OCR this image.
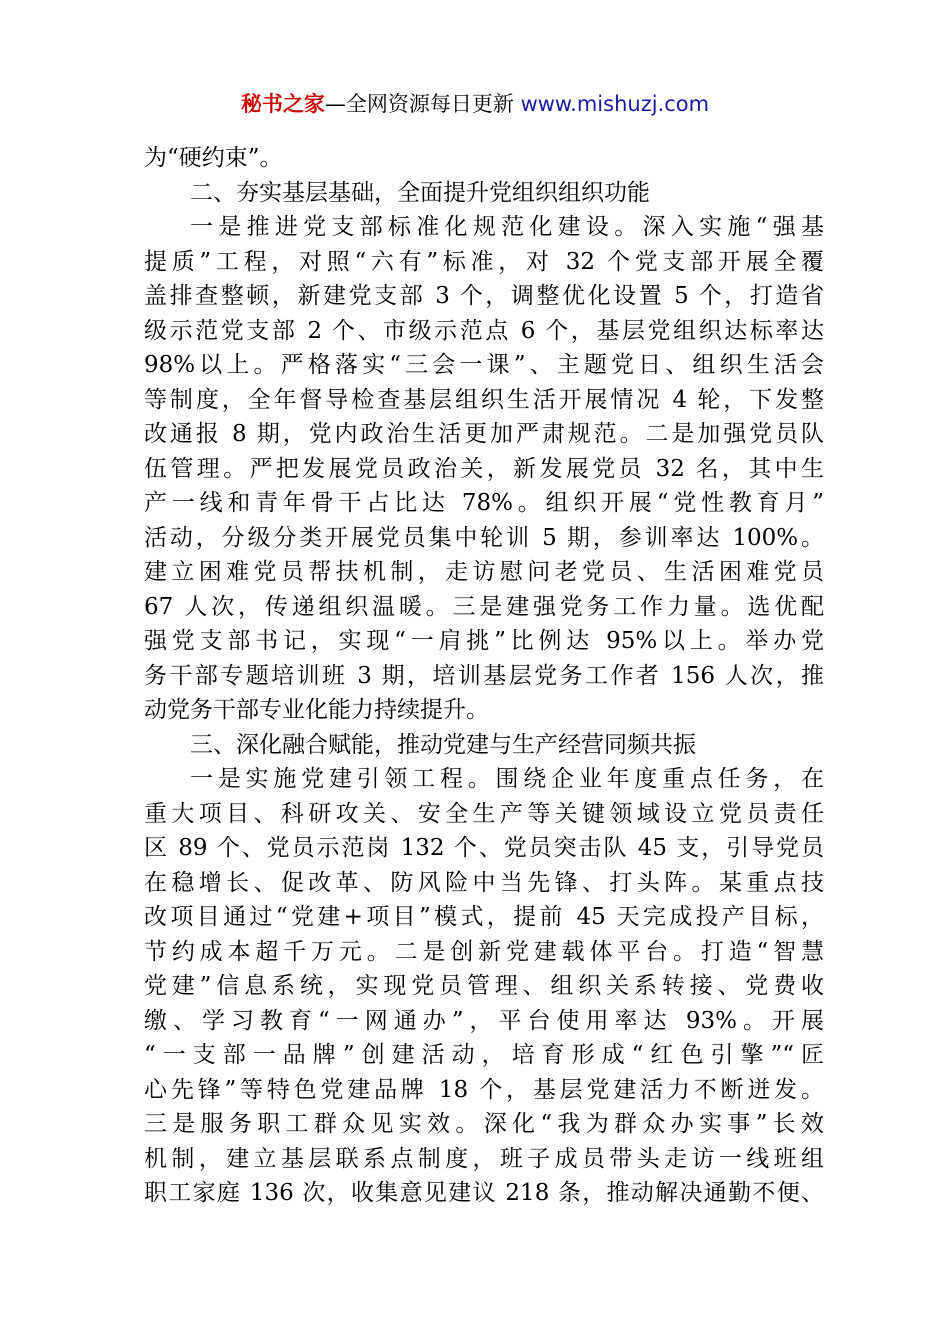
秘书之家—全网资源每日更新 www.mishuzj.com
为“硬约束”。
二、夯实基层基础，全面提升党组织组织功能
一是推进党支部标准化规范化建设。深入实施“强基
提质”工程，对照“六有”标准，对 32 个党支部开展全覆
盖排查整顿，新建党支部 3 个，调整优化设置 5 个，打造省
级示范党支部 2 个、市级示范点 6 个，基层党组织达标率达
98%以上。严格落实“三会一课”、主题党日、组织生活会
等制度，全年督导检查基层组织生活开展情况 4 轮，下发整
改通报 8 期，党内政治生活更加严肃规范。二是加强党员队
伍管理。严把发展党员政治关，新发展党员 32 名，其中生
产一线和青年骨干占比达 78%。组织开展“党性教育月”
活动，分级分类开展党员集中轮训 5 期，参训率达 100%。
建立困难党员帮扶机制，走访慰问老党员、生活困难党员
67 人次，传递组织温暖。三是建强党务工作力量。选优配
强党支部书记，实现“一肩挑”比例达 95%以上。举办党
务干部专题培训班 3 期，培训基层党务工作者 156 人次，推
动党务干部专业化能力持续提升。
三、深化融合赋能，推动党建与生产经营同频共振
一是实施党建引领工程。围绕企业年度重点任务，在
重大项目、科研攻关、安全生产等关键领域设立党员责任
区 89 个、党员示范岗 132 个、党员突击队 45 支，引导党员
在稳增长、促改革、防风险中当先锋、打头阵。某重点技
改项目通过“党建+项目”模式，提前 45 天完成投产目标，
节约成本超千万元。二是创新党建载体平台。打造“智慧
党建”信息系统，实现党员管理、组织关系转接、党费收
缴、学习教育“一网通办”，平台使用率达 93%。开展
“一支部一品牌”创建活动，培育形成“红色引擎”“匠
心先锋”等特色党建品牌 18 个，基层党建活力不断迸发。
三是服务职工群众见实效。深化“我为群众办实事”长效
机制，建立基层联系点制度，班子成员带头走访一线班组
职工家庭 136 次，收集意见建议 218 条，推动解决通勤不便、
